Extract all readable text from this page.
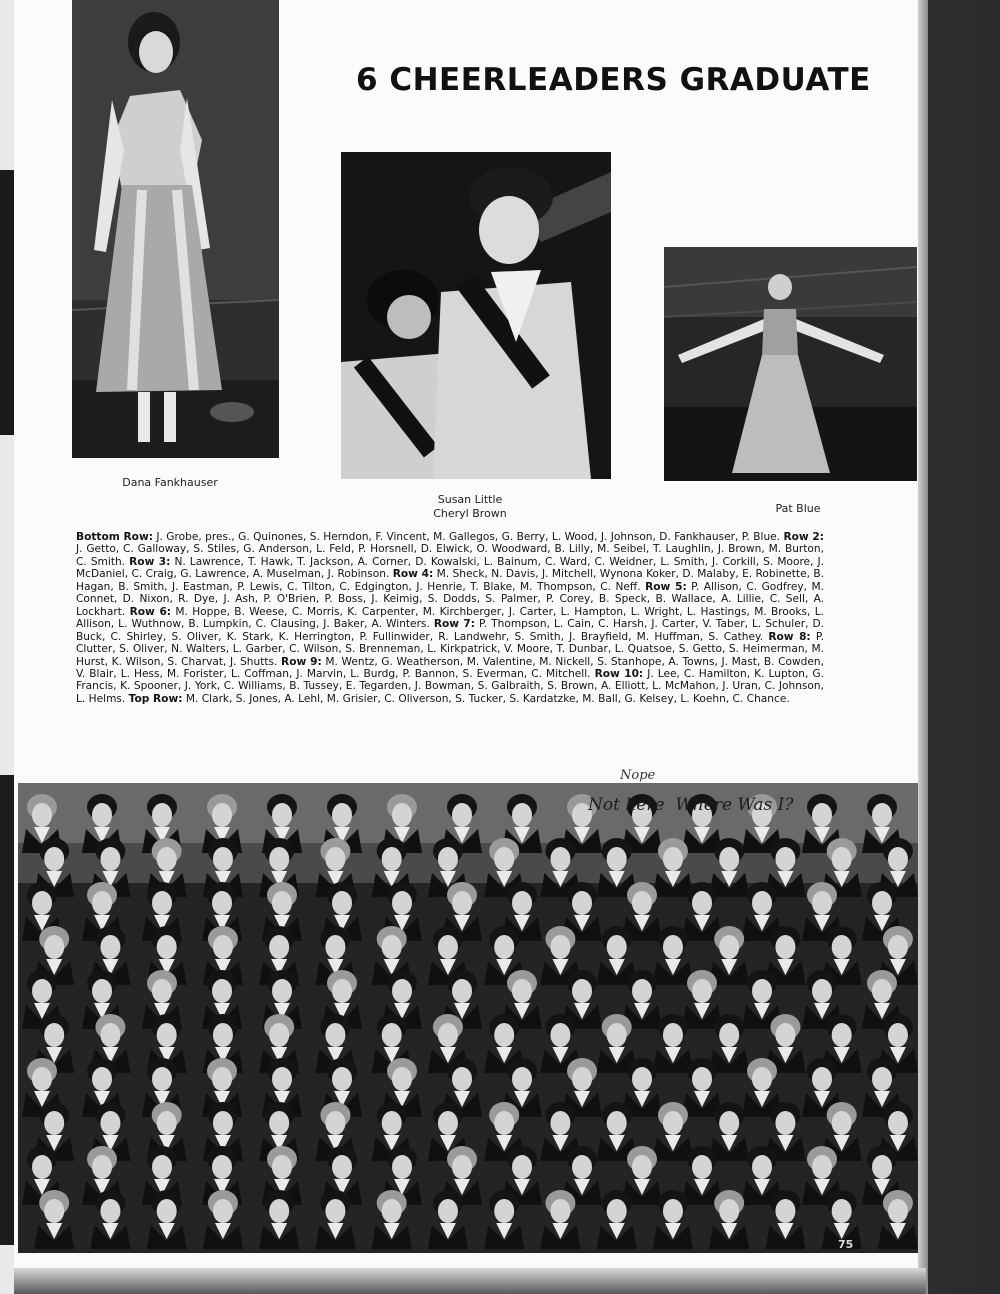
6 CHEERLEADERS GRADUATE
Dana Fankhauser
Susan Little
Cheryl Brown	Pat Blue
Bottom Row: J. Grobe, pres., G. Quinones, S. Herndon, F. Vincent, M. Gallegos, G. Berry, L. Wood, J. Johnson, D. Fankhauser, P. Blue. Row 2: J. Getto, C. Galloway, S. Stiles, G. Anderson, L. Feld, P. Horsnell, D. Elwick, O. Woodward, B. Lilly, M. Seibel, T. Laughlin, J. Brown, M. Burton, C. Smith. Row 3: N. Lawrence, T. Hawk, T. Jackson, A. Corner, D. Kowalski, L. Bainum, C. Ward, C. Weidner, L. Smith, J. Corkill, S. Moore, J. McDaniel, C. Craig, G. Lawrence, A. Muselman, J. Robinson. Row 4: M. Sheck, N. Davis, J. Mitchell, Wynona Koker, D. Malaby, E. Robinette, B. Hagan, B. Smith, J. Eastman, P. Lewis, C. Tilton, C. Edgington, J. Henrie, T. Blake, M. Thompson, C. Neff. Row 5: P. Allison, C. Godfrey, M. Connet, D. Nixon, R. Dye, J. Ash, P. O'Brien, P. Boss, J. Keimig, S. Dodds, S. Palmer, P. Corey, B. Speck, B. Wallace, A. Lillie, C. Sell, A. Lockhart. Row 6: M. Hoppe, B. Weese, C. Morris, K. Carpenter, M. Kirchberger, J. Carter, L. Hampton, L. Wright, L. Hastings, M. Brooks, L. Allison, L. Wuthnow, B. Lumpkin, C. Clausing, J. Baker, A. Winters. Row 7: P. Thompson, L. Cain, C. Harsh, J. Carter, V. Taber, L. Schuler, D. Buck, C. Shirley, S. Oliver, K. Stark, K. Herrington, P. Fullinwider, R. Landwehr, S. Smith, J. Brayfield, M. Huffman, S. Cathey. Row 8: P. Clutter, S. Oliver, N. Walters, L. Garber, C. Wilson, S. Brenneman, L. Kirkpatrick, V. Moore, T. Dunbar, L. Quatsoe, S. Getto, S. Heimerman, M. Hurst, K. Wilson, S. Charvat, J. Shutts. Row 9: M. Wentz, G. Weatherson, M. Valentine, M. Nickell, S. Stanhope, A. Towns, J. Mast, B. Cowden, V. Blair, L. Hess, M. Forister, L. Coffman, J. Marvin, L. Burdg, P. Bannon, S. Everman, C. Mitchell. Row 10: J. Lee, C. Hamilton, K. Lupton, G. Francis, K. Spooner, J. York, C. Williams, B. Tussey, E. Tegarden, J. Bowman, S. Galbraith, S. Brown, A. Elliott, L. McMahon, J. Uran, C. Johnson, L. Helms. Top Row: M. Clark, S. Jones, A. Lehl, M. Grisier, C. Oliverson, S. Tucker, S. Kardatzke, M. Ball, G. Kelsey, L. Koehn, C. Chance.
Nope
Not here  Where Was I?
75
